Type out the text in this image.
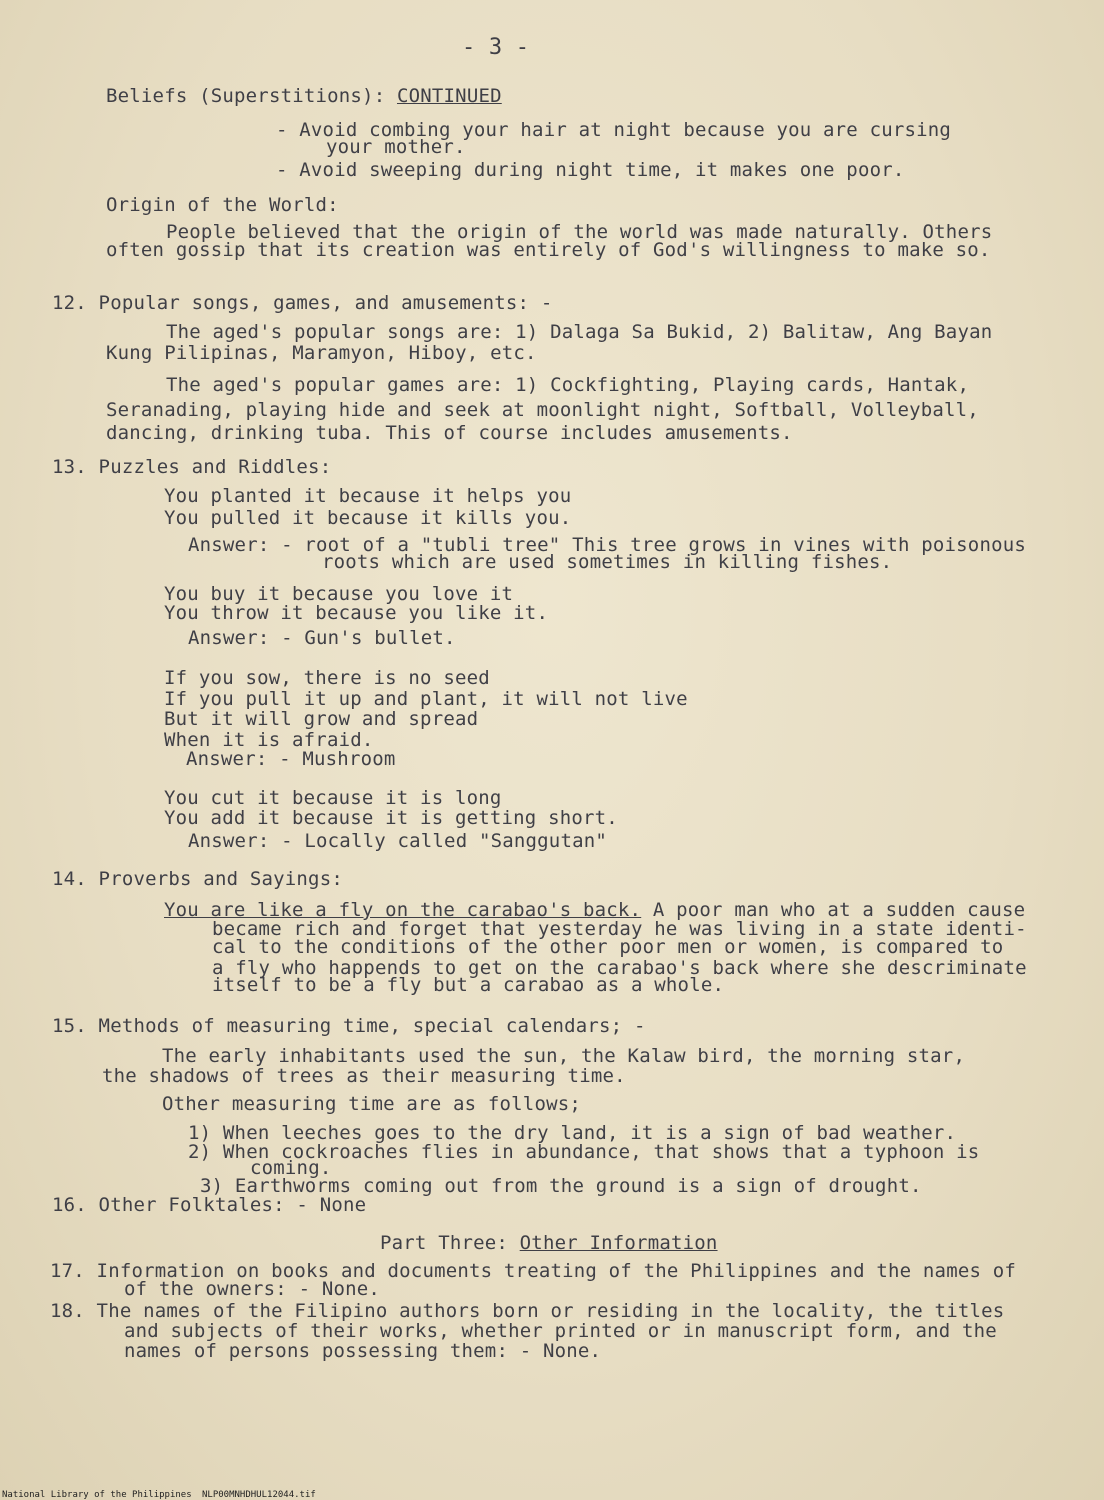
- 3 -
Beliefs (Superstitions): CONTINUED
- Avoid combing your hair at night because you are cursing
your mother.
- Avoid sweeping during night time, it makes one poor.
Origin of the World:
People believed that the origin of the world was made naturally. Others
often gossip that its creation was entirely of God's willingness to make so.
12. Popular songs, games, and amusements: -
The aged's popular songs are: 1) Dalaga Sa Bukid, 2) Balitaw, Ang Bayan
Kung Pilipinas, Maramyon, Hiboy, etc.
The aged's popular games are: 1) Cockfighting, Playing cards, Hantak,
Seranading, playing hide and seek at moonlight night, Softball, Volleyball,
dancing, drinking tuba. This of course includes amusements.
13. Puzzles and Riddles:
You planted it because it helps you
You pulled it because it kills you.
Answer: - root of a "tubli tree" This tree grows in vines with poisonous
roots which are used sometimes in killing fishes.
You buy it because you love it
You throw it because you like it.
Answer: - Gun's bullet.
If you sow, there is no seed
If you pull it up and plant, it will not live
But it will grow and spread
When it is afraid.
Answer: - Mushroom
You cut it because it is long
You add it because it is getting short.
Answer: - Locally called "Sanggutan"
14. Proverbs and Sayings:
You are like a fly on the carabao's back. A poor man who at a sudden cause
became rich and forget that yesterday he was living in a state identi-
cal to the conditions of the other poor men or women, is compared to
a fly who happends to get on the carabao's back where she descriminate
itself to be a fly but a carabao as a whole.
15. Methods of measuring time, special calendars; -
The early inhabitants used the sun, the Kalaw bird, the morning star,
the shadows of trees as their measuring time.
Other measuring time are as follows;
1) When leeches goes to the dry land, it is a sign of bad weather.
2) When cockroaches flies in abundance, that shows that a typhoon is
coming.
3) Earthworms coming out from the ground is a sign of drought.
16. Other Folktales: - None
Part Three: Other Information
17. Information on books and documents treating of the Philippines and the names of
of the owners: - None.
18. The names of the Filipino authors born or residing in the locality, the titles
and subjects of their works, whether printed or in manuscript form, and the
names of persons possessing them: - None.
National Library of the Philippines NLP00MNHDHUL12044.tif
